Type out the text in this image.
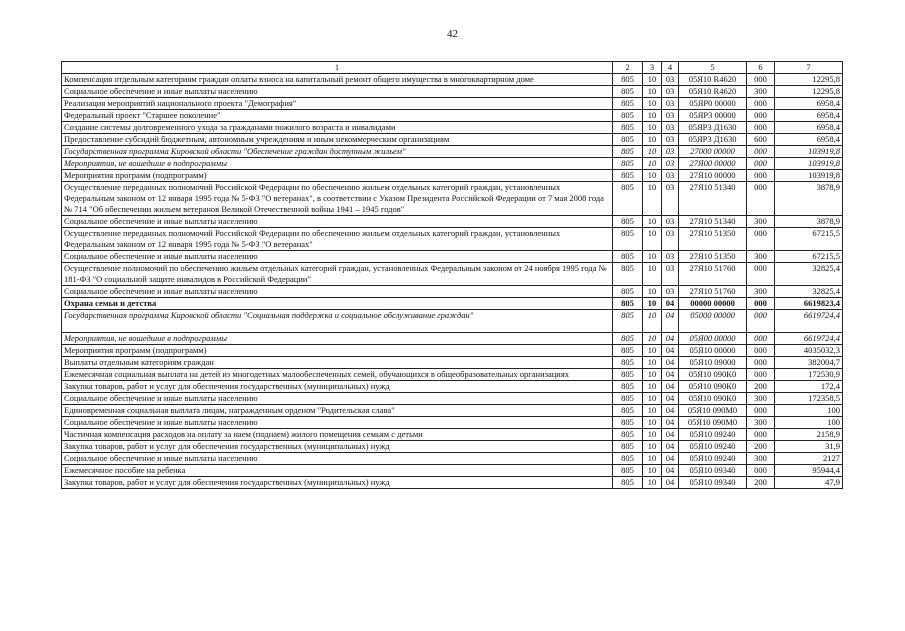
42
1	2	3	4	5	6	7
Компенсация отдельным категориям граждан оплаты взноса на капитальный ремонт общего имущества в многоквартирном доме	805	10	03	05Я10 R4620	000	12295,8
Социальное обеспечение и иные выплаты населению	805	10	03	05Я10 R4620	300	12295,8
Реализация мероприятий национального проекта "Демография"	805	10	03	05ЯР0 00000	000	6958,4
Федеральный проект "Старшее поколение"	805	10	03	05ЯР3 00000	000	6958,4
Создание системы долговременного ухода за гражданами пожилого возраста и инвалидами	805	10	03	05ЯР3 Д1630	000	6958,4
Предоставление субсидий бюджетным, автономным учреждениям и иным некоммерческим организациям	805	10	03	05ЯР3 Д1630	600	6958,4
Государственная программа Кировской области "Обеспечение граждан доступным жильем"	805	10	03	27000 00000	000	103919,8
Мероприятия, не вошедшие в подпрограммы	805	10	03	27Я00 00000	000	103919,8
Мероприятия программ (подпрограмм)	805	10	03	27Я10 00000	000	103919,8
Осуществление переданных полномочий Российской Федерации по обеспечению жильем отдельных категорий граждан, установленных Федеральным законом от 12 января 1995 года № 5-ФЗ "О ветеранах", в соответствии с Указом Президента Российской Федерации от 7 мая 2008 года № 714 "Об обеспечении жильем ветеранов Великой Отечественной войны 1941 – 1945 годов"	805	10	03	27Я10 51340	000	3878,9
Социальное обеспечение и иные выплаты населению	805	10	03	27Я10 51340	300	3878,9
Осуществление переданных полномочий Российской Федерации по обеспечению жильем отдельных категорий граждан, установленных Федеральным законом от 12 января 1995 года № 5-ФЗ "О ветеранах"	805	10	03	27Я10 51350	000	67215,5
Социальное обеспечение и иные выплаты населению	805	10	03	27Я10 51350	300	67215,5
Осуществление полномочий по обеспечению жильем отдельных категорий граждан, установленных Федеральным законом от 24 ноября 1995 года № 181-ФЗ "О социальной защите инвалидов в Российской Федерации"	805	10	03	27Я10 51760	000	32825,4
Социальное обеспечение и иные выплаты населению	805	10	03	27Я10 51760	300	32825,4
Охрана семьи и детства	805	10	04	00000 00000	000	6619823,4
Государственная программа Кировской области "Социальная поддержка и социальное обслуживание граждан"	805	10	04	05000 00000	000	6619724,4
Мероприятия, не вошедшие в подпрограммы	805	10	04	05Я00 00000	000	6619724,4
Мероприятия программ (подпрограмм)	805	10	04	05Я10 00000	000	4035032,3
Выплаты отдельным категориям граждан	805	10	04	05Я10 09000	000	382004,7
Ежемесячная социальная выплата на детей из многодетных малообеспеченных семей, обучающихся в общеобразовательных организациях	805	10	04	05Я10 090К0	000	172530,9
Закупка товаров, работ и услуг для обеспечения государственных (муниципальных) нужд	805	10	04	05Я10 090К0	200	172,4
Социальное обеспечение и иные выплаты населению	805	10	04	05Я10 090К0	300	172358,5
Единовременная социальная выплата лицам, награжденным орденом "Родительская слава"	805	10	04	05Я10 090М0	000	100
Социальное обеспечение и иные выплаты населению	805	10	04	05Я10 090М0	300	100
Частичная компенсация расходов на оплату за наем (поднаем) жилого помещения семьям с детьми	805	10	04	05Я10 09240	000	2158,9
Закупка товаров, работ и услуг для обеспечения государственных (муниципальных) нужд	805	10	04	05Я10 09240	200	31,9
Социальное обеспечение и иные выплаты населению	805	10	04	05Я10 09240	300	2127
Ежемесячное пособие на ребенка	805	10	04	05Я10 09340	000	95944,4
Закупка товаров, работ и услуг для обеспечения государственных (муниципальных) нужд	805	10	04	05Я10 09340	200	47,9
